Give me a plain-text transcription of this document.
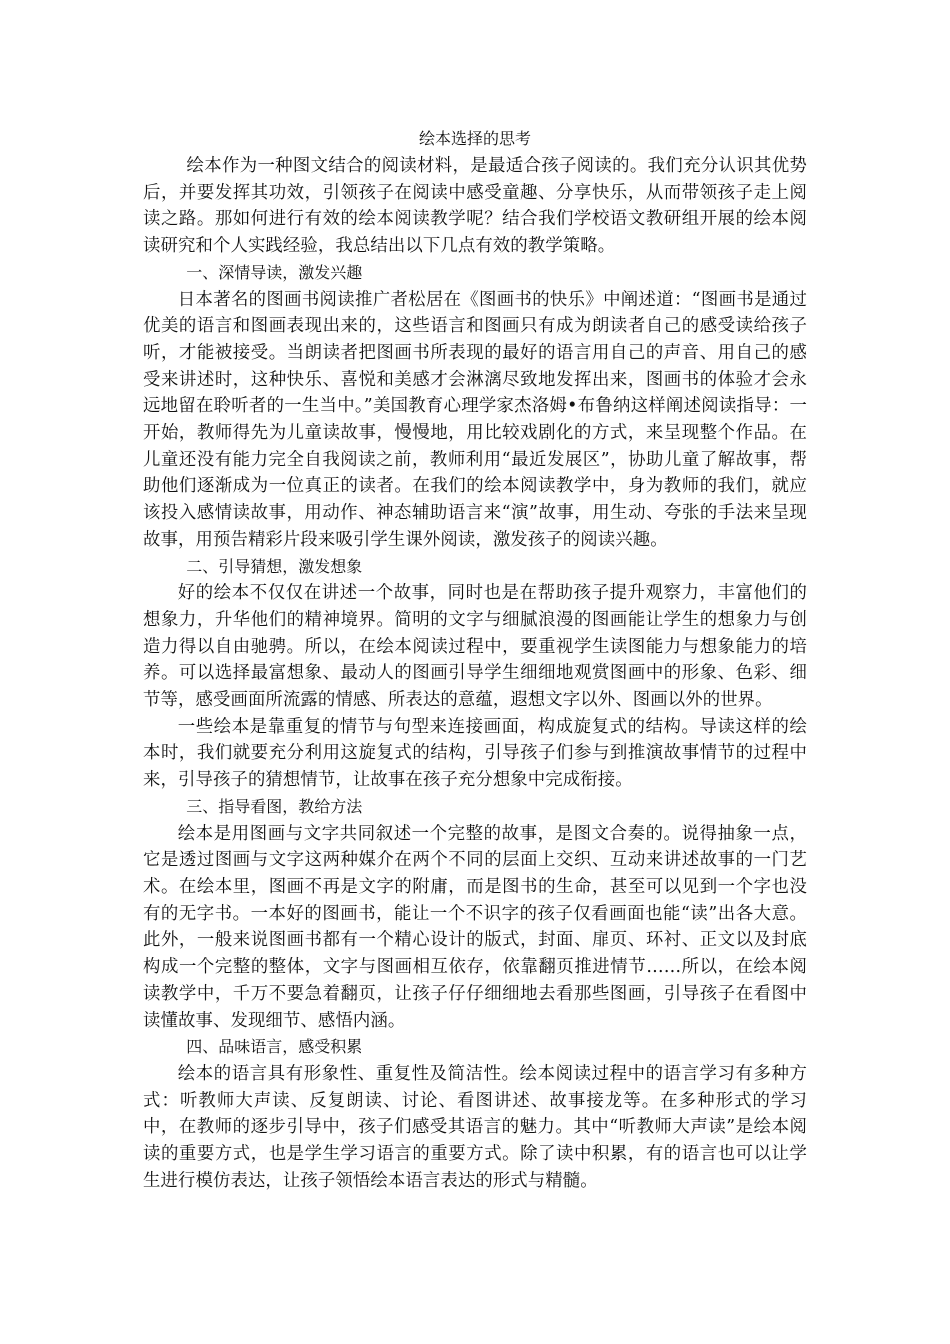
绘本选择的思考

绘本作为一种图文结合的阅读材料，是最适合孩子阅读的。我们充分认识其优势后，并要发挥其功效，引领孩子在阅读中感受童趣、分享快乐，从而带领孩子走上阅读之路。那如何进行有效的绘本阅读教学呢？结合我们学校语文教研组开展的绘本阅读研究和个人实践经验，我总结出以下几点有效的教学策略。

一、深情导读，激发兴趣

日本著名的图画书阅读推广者松居在《图画书的快乐》中阐述道：“图画书是通过优美的语言和图画表现出来的，这些语言和图画只有成为朗读者自己的感受读给孩子听，才能被接受。当朗读者把图画书所表现的最好的语言用自己的声音、用自己的感受来讲述时，这种快乐、喜悦和美感才会淋漓尽致地发挥出来，图画书的体验才会永远地留在聆听者的一生当中。”美国教育心理学家杰洛姆•布鲁纳这样阐述阅读指导：一开始，教师得先为儿童读故事，慢慢地，用比较戏剧化的方式，来呈现整个作品。在儿童还没有能力完全自我阅读之前，教师利用“最近发展区”，协助儿童了解故事，帮助他们逐渐成为一位真正的读者。在我们的绘本阅读教学中，身为教师的我们，就应该投入感情读故事，用动作、神态辅助语言来“演”故事，用生动、夸张的手法来呈现故事，用预告精彩片段来吸引学生课外阅读，激发孩子的阅读兴趣。

二、引导猜想，激发想象

好的绘本不仅仅在讲述一个故事，同时也是在帮助孩子提升观察力，丰富他们的想象力，升华他们的精神境界。简明的文字与细腻浪漫的图画能让学生的想象力与创造力得以自由驰骋。所以，在绘本阅读过程中，要重视学生读图能力与想象能力的培养。可以选择最富想象、最动人的图画引导学生细细地观赏图画中的形象、色彩、细节等，感受画面所流露的情感、所表达的意蕴，遐想文字以外、图画以外的世界。

一些绘本是靠重复的情节与句型来连接画面，构成旋复式的结构。导读这样的绘本时，我们就要充分利用这旋复式的结构，引导孩子们参与到推演故事情节的过程中来，引导孩子的猜想情节，让故事在孩子充分想象中完成衔接。

三、指导看图，教给方法

绘本是用图画与文字共同叙述一个完整的故事，是图文合奏的。说得抽象一点，它是透过图画与文字这两种媒介在两个不同的层面上交织、互动来讲述故事的一门艺术。在绘本里，图画不再是文字的附庸，而是图书的生命，甚至可以见到一个字也没有的无字书。一本好的图画书，能让一个不识字的孩子仅看画面也能“读”出各大意。此外，一般来说图画书都有一个精心设计的版式，封面、扉页、环衬、正文以及封底构成一个完整的整体，文字与图画相互依存，依靠翻页推进情节……所以，在绘本阅读教学中，千万不要急着翻页，让孩子仔仔细细地去看那些图画，引导孩子在看图中读懂故事、发现细节、感悟内涵。

四、品味语言，感受积累

绘本的语言具有形象性、重复性及简洁性。绘本阅读过程中的语言学习有多种方式：听教师大声读、反复朗读、讨论、看图讲述、故事接龙等。在多种形式的学习中，在教师的逐步引导中，孩子们感受其语言的魅力。其中“听教师大声读”是绘本阅读的重要方式，也是学生学习语言的重要方式。除了读中积累，有的语言也可以让学生进行模仿表达，让孩子领悟绘本语言表达的形式与精髓。
